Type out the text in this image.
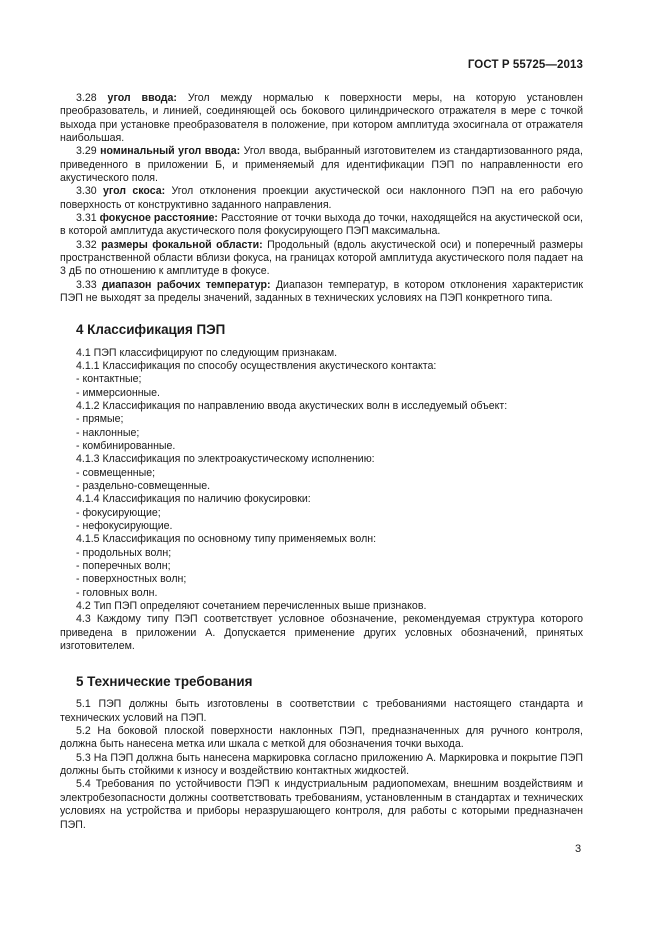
ГОСТ Р 55725—2013

3.28 угол ввода: Угол между нормалью к поверхности меры, на которую установлен преобразователь, и линией, соединяющей ось бокового цилиндрического отражателя в мере с точкой выхода при установке преобразователя в положение, при котором амплитуда эхосигнала от отражателя наибольшая.

3.29 номинальный угол ввода: Угол ввода, выбранный изготовителем из стандартизованного ряда, приведенного в приложении Б, и применяемый для идентификации ПЭП по направленности его акустического поля.

3.30 угол скоса: Угол отклонения проекции акустической оси наклонного ПЭП на его рабочую поверхность от конструктивно заданного направления.

3.31 фокусное расстояние: Расстояние от точки выхода до точки, находящейся на акустической оси, в которой амплитуда акустического поля фокусирующего ПЭП максимальна.

3.32 размеры фокальной области: Продольный (вдоль акустической оси) и поперечный размеры пространственной области вблизи фокуса, на границах которой амплитуда акустического поля падает на 3 дБ по отношению к амплитуде в фокусе.

3.33 диапазон рабочих температур: Диапазон температур, в котором отклонения характеристик ПЭП не выходят за пределы значений, заданных в технических условиях на ПЭП конкретного типа.

4 Классификация ПЭП

4.1 ПЭП классифицируют по следующим признакам.

4.1.1 Классификация по способу осуществления акустического контакта:

- контактные;

- иммерсионные.

4.1.2 Классификация по направлению ввода акустических волн в исследуемый объект:

- прямые;

- наклонные;

- комбинированные.

4.1.3 Классификация по электроакустическому исполнению:

- совмещенные;

- раздельно-совмещенные.

4.1.4 Классификация по наличию фокусировки:

- фокусирующие;

- нефокусирующие.

4.1.5 Классификация по основному типу применяемых волн:

- продольных волн;

- поперечных волн;

- поверхностных волн;

- головных волн.

4.2 Тип ПЭП определяют сочетанием перечисленных выше признаков.

4.3 Каждому типу ПЭП соответствует условное обозначение, рекомендуемая структура которого приведена в приложении А. Допускается применение других условных обозначений, принятых изготовителем.

5 Технические требования

5.1 ПЭП должны быть изготовлены в соответствии с требованиями настоящего стандарта и технических условий на ПЭП.

5.2 На боковой плоской поверхности наклонных ПЭП, предназначенных для ручного контроля, должна быть нанесена метка или шкала с меткой для обозначения точки выхода.

5.3 На ПЭП должна быть нанесена маркировка согласно приложению А. Маркировка и покрытие ПЭП должны быть стойкими к износу и воздействию контактных жидкостей.

5.4 Требования по устойчивости ПЭП к индустриальным радиопомехам, внешним воздействиям и электробезопасности должны соответствовать требованиям, установленным в стандартах и технических условиях на устройства и приборы неразрушающего контроля, для работы с которыми предназначен ПЭП.

3
